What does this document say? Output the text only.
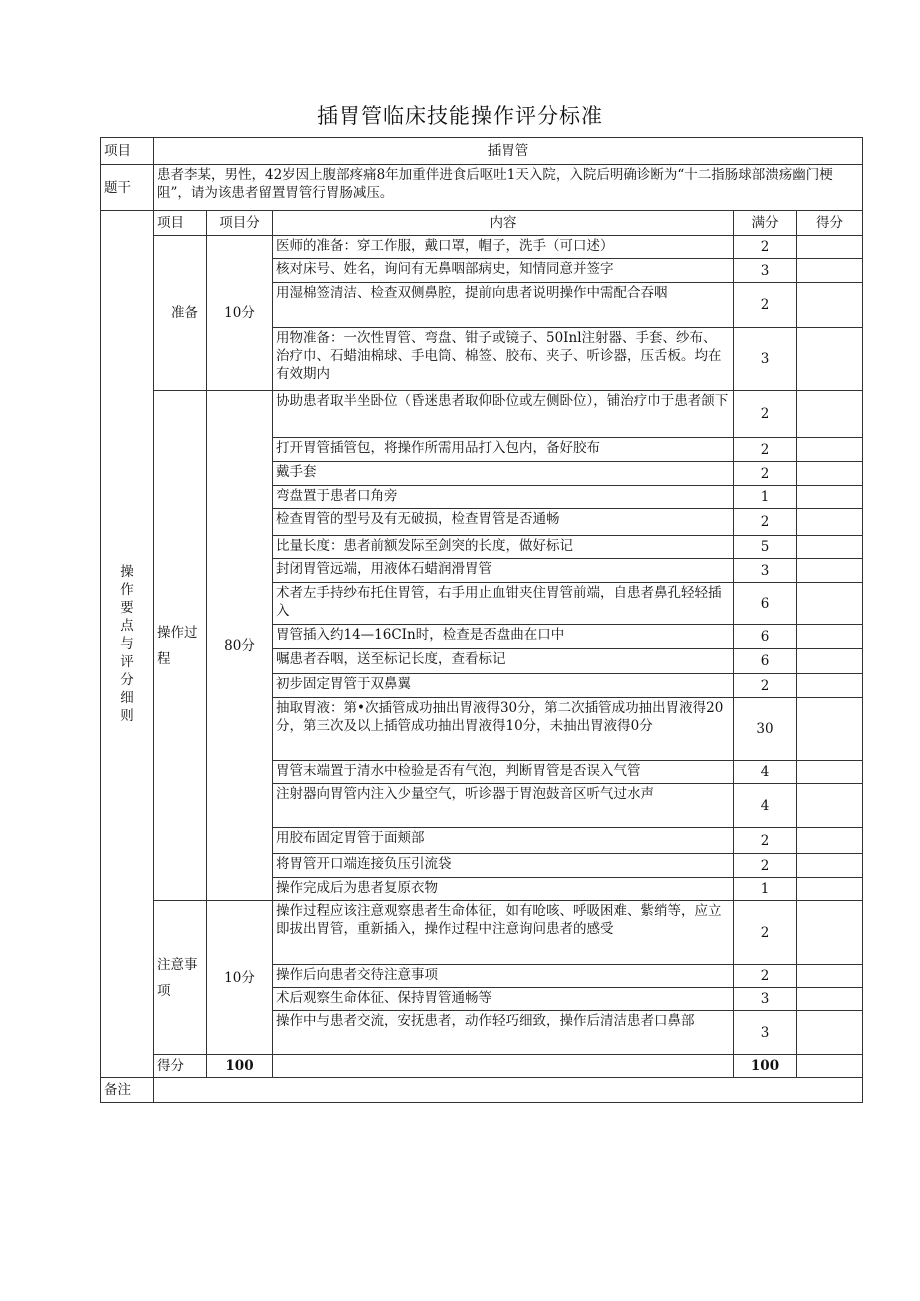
插胃管临床技能操作评分标准
项目	插胃管				
题干	患者李某，男性，42岁因上腹部疼痛8年加重伴进食后呕吐1天入院，入院后明确诊断为“十二指肠球部溃疡幽门梗阻”，请为该患者留置胃管行胃肠减压。				
操作要点与评分细则	项目	项目分	内容	满分	得分
	准备	10分	医师的准备：穿工作服，戴口罩，帽子，洗手（可口述）	2	
			核对床号、姓名，询问有无鼻咽部病史，知情同意并签字	3	
			用湿棉签清洁、检查双侧鼻腔，提前向患者说明操作中需配合吞咽	2	
			用物准备：一次性胃管、弯盘、钳子或镜子、50Inl注射器、手套、纱布、治疗巾、石蜡油棉球、手电筒、棉签、胶布、夹子、听诊器，压舌板。均在有效期内	3	
	操作过程	80分	协助患者取半坐卧位（昏迷患者取仰卧位或左侧卧位），铺治疗巾于患者颌下	2	
			打开胃管插管包，将操作所需用品打入包内，备好胶布	2	
			戴手套	2	
			弯盘置于患者口角旁	1	
			检查胃管的型号及有无破损，检查胃管是否通畅	2	
			比量长度：患者前额发际至剑突的长度，做好标记	5	
			封闭胃管远端，用液体石蜡润滑胃管	3	
			术者左手持纱布托住胃管，右手用止血钳夹住胃管前端，自患者鼻孔轻轻插入	6	
			胃管插入约14—16CIn时，检查是否盘曲在口中	6	
			嘱患者吞咽，送至标记长度，查看标记	6	
			初步固定胃管于双鼻翼	2	
			抽取胃液：第•次插管成功抽出胃液得30分，第二次插管成功抽出胃液得20分，第三次及以上插管成功抽出胃液得10分，未抽出胃液得0分	30	
			胃管末端置于清水中检验是否有气泡，判断胃管是否误入气管	4	
			注射器向胃管内注入少量空气，听诊器于胃泡鼓音区听气过水声	4	
			用胶布固定胃管于面颊部	2	
			将胃管开口端连接负压引流袋	2	
			操作完成后为患者复原衣物	1	
	注意事项	10分	操作过程应该注意观察患者生命体征，如有呛咳、呼吸困难、紫绡等，应立即拔出胃管，重新插入，操作过程中注意询问患者的感受	2	
			操作后向患者交待注意事项	2	
			术后观察生命体征、保持胃管通畅等	3	
			操作中与患者交流，安抚患者，动作轻巧细致，操作后清洁患者口鼻部	3	
	得分	100		100	
备注					
